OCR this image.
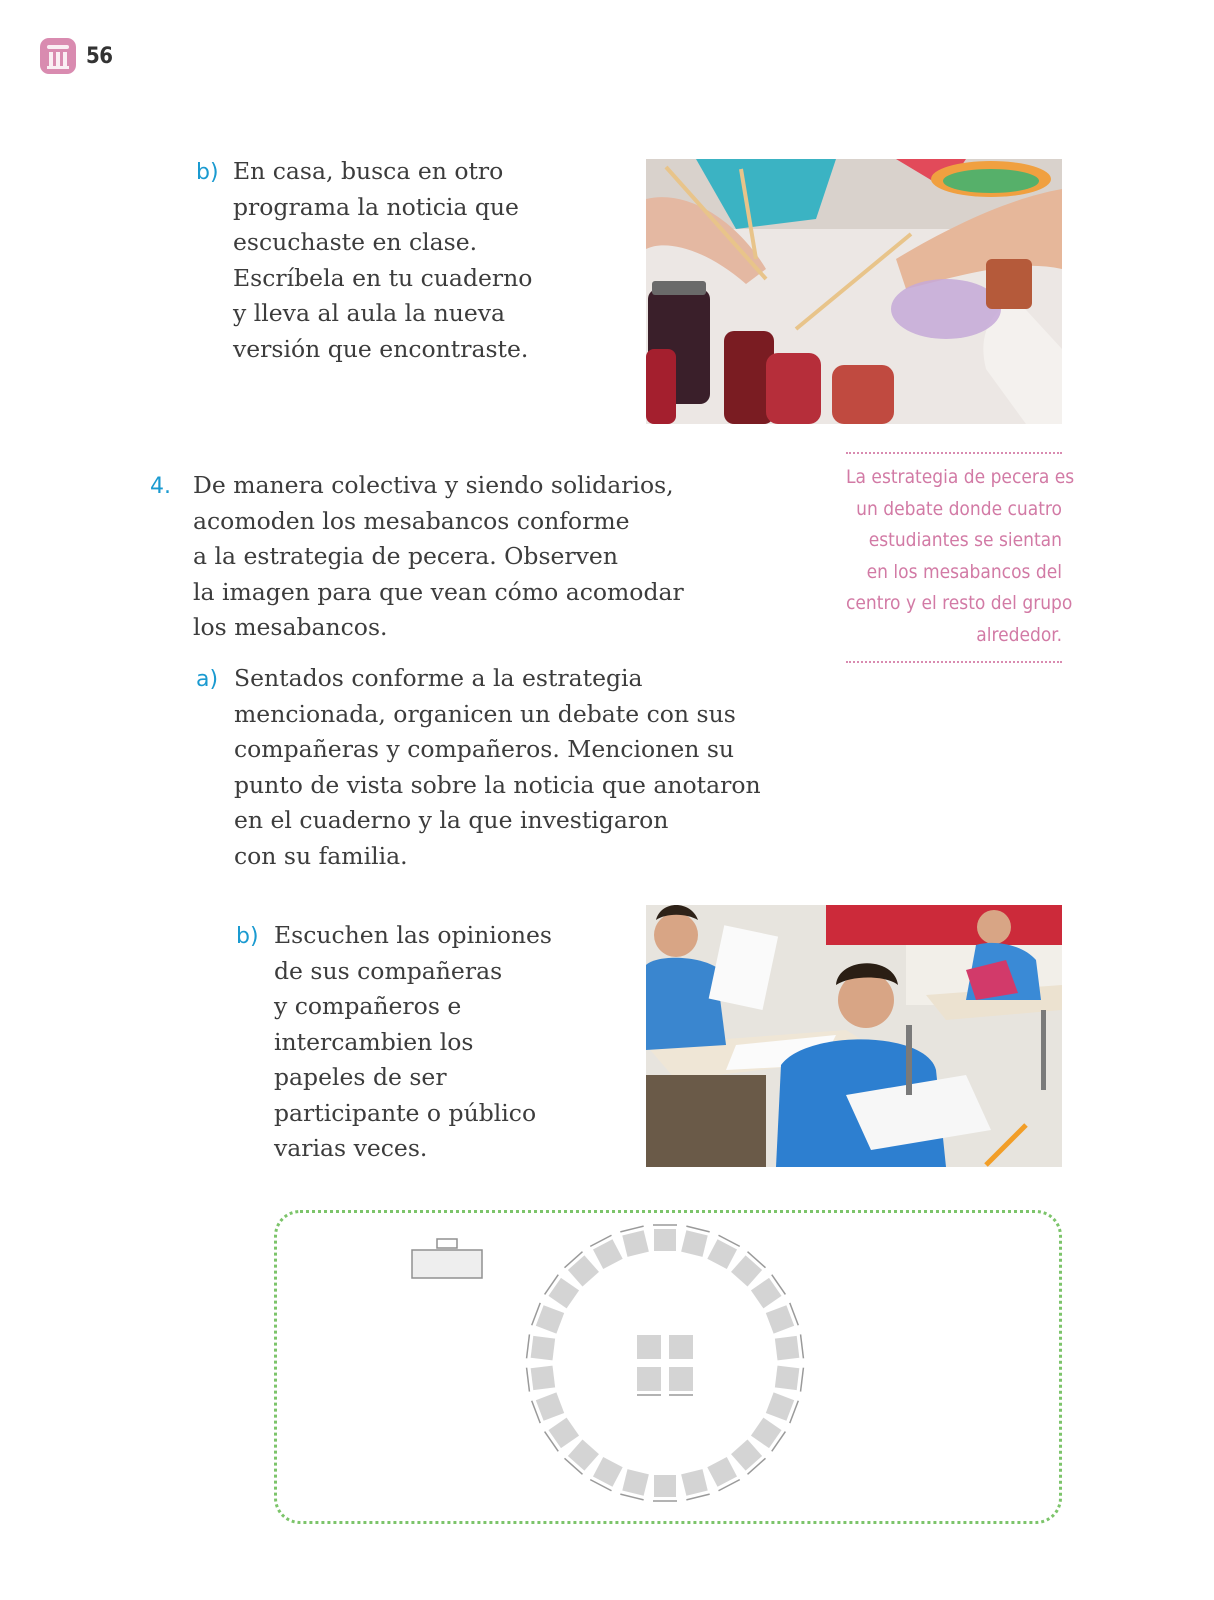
56
b) En casa, busca en otro
programa la noticia que
escuchaste en clase.
Escríbela en tu cuaderno
y lleva al aula la nueva
versión que encontraste.
4. De manera colectiva y siendo solidarios,
acomoden los mesabancos conforme
a la estrategia de pecera. Observen
la imagen para que vean cómo acomodar
los mesabancos.
La estrategia de pecera es
un debate donde cuatro
estudiantes se sientan
en los mesabancos del
centro y el resto del grupo
alrededor.
a) Sentados conforme a la estrategia
mencionada, organicen un debate con sus
compañeras y compañeros. Mencionen su
punto de vista sobre la noticia que anotaron
en el cuaderno y la que investigaron
con su familia.
b) Escuchen las opiniones
de sus compañeras
y compañeros e
intercambien los
papeles de ser
participante o público
varias veces.
